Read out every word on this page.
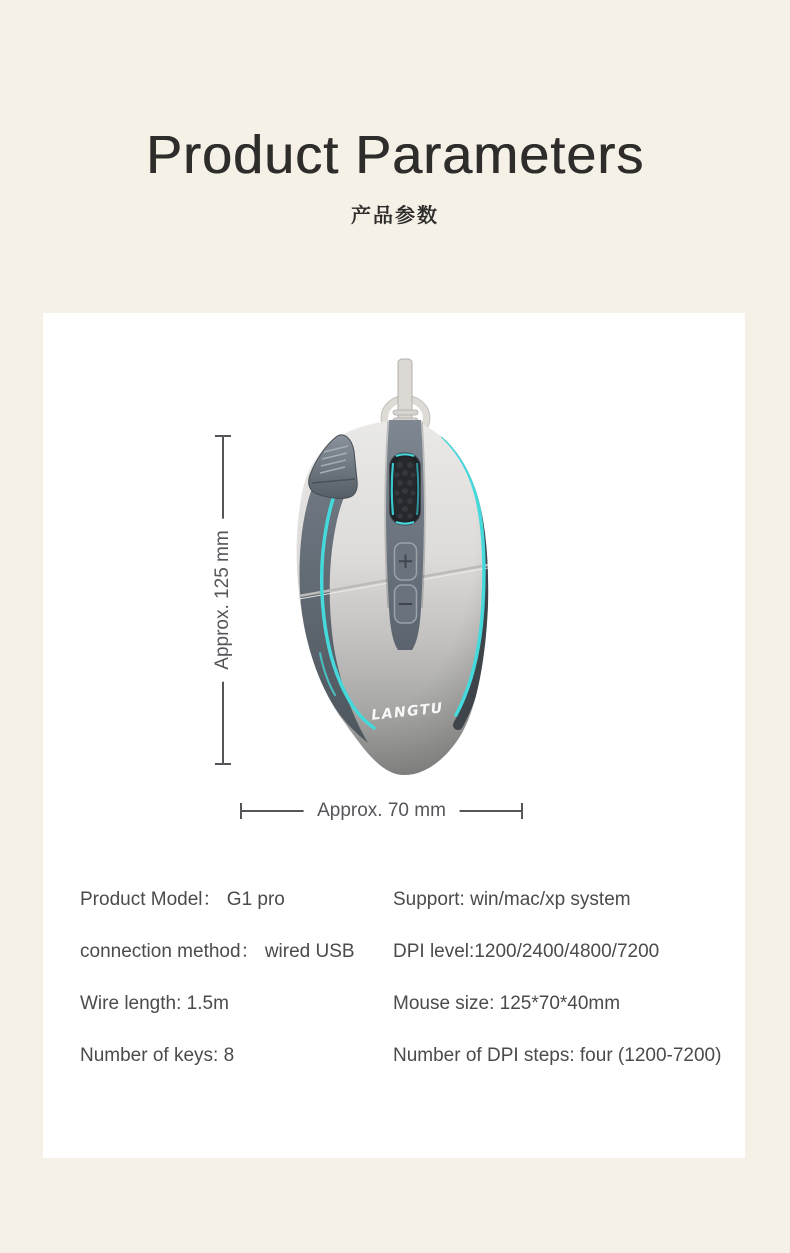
Product Parameters
产品参数
LANGTU
Approx. 125 mm
Approx. 70 mm
Product Model： G1 pro	Support: win/mac/xp system
connection method： wired USB	DPI level:1200/2400/4800/7200
Wire length: 1.5m	Mouse size: 125*70*40mm
Number of keys: 8	Number of DPI steps: four (1200-7200)
